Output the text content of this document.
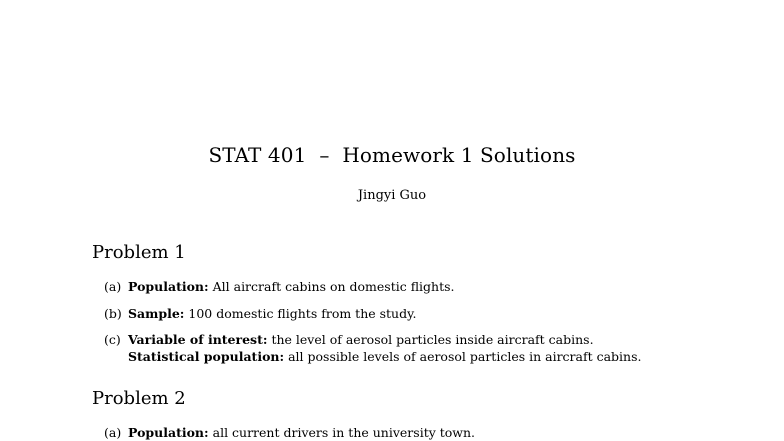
STAT 401  –  Homework 1 Solutions
Jingyi Guo
Problem 1
(a) Population: All aircraft cabins on domestic flights.
(b) Sample: 100 domestic flights from the study.
(c) Variable of interest: the level of aerosol particles inside aircraft cabins.
Statistical population: all possible levels of aerosol particles in aircraft cabins.
Problem 2
(a) Population: all current drivers in the university town.
